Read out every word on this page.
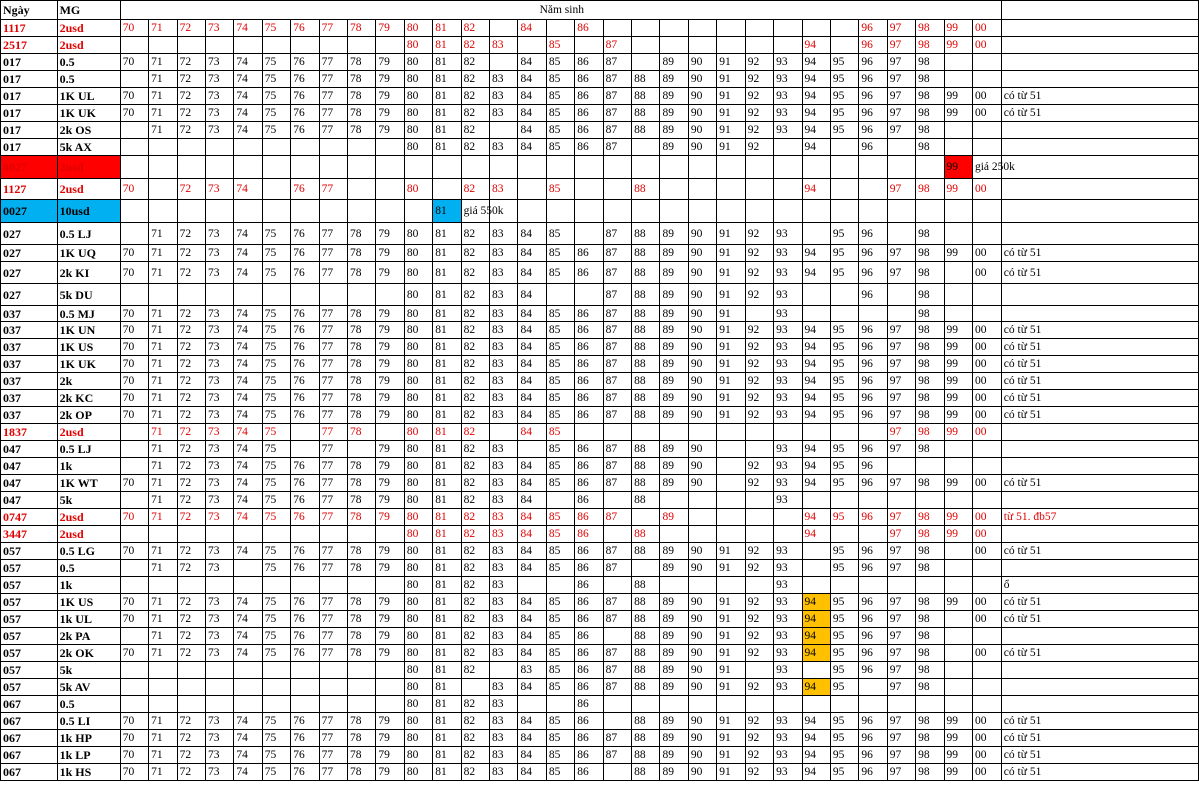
Ngày	MG	Năm sinh																															
1117	2usd	70	71	72	73	74	75	76	77	78	79	80	81	82		84		86										96	97	98	99	00	
2517	2usd											80	81	82	83		85		87							94		96	97	98	99	00	
017	0.5	70	71	72	73	74	75	76	77	78	79	80	81	82		84	85	86	87		89	90	91	92	93	94	95	96	97	98			
017	0.5		71	72	73	74	75	76	77	78	79	80	81	82	83	84	85	86	87	88	89	90	91	92	93	94	95	96	97	98			
017	1K UL	70	71	72	73	74	75	76	77	78	79	80	81	82	83	84	85	86	87	88	89	90	91	92	93	94	95	96	97	98	99	00	có từ 51
017	1K UK	70	71	72	73	74	75	76	77	78	79	80	81	82	83	84	85	86	87	88	89	90	91	92	93	94	95	96	97	98	99	00	có từ 51
017	2k OS		71	72	73	74	75	76	77	78	79	80	81	82		84	85	86	87	88	89	90	91	92	93	94	95	96	97	98			
017	5k AX											80	81	82	83	84	85	86	87		89	90	91	92		94		96		98			
0027	2usd																														99	giá 250k	
1127	2usd	70		72	73	74		76	77			80		82	83		85			88						94			97	98	99	00	
0027	10usd												81	giá 550k																			
027	0.5 LJ		71	72	73	74	75	76	77	78	79	80	81	82	83	84	85		87	88	89	90	91	92	93		95	96		98			
027	1K UQ	70	71	72	73	74	75	76	77	78	79	80	81	82	83	84	85	86	87	88	89	90	91	92	93	94	95	96	97	98	99	00	có từ 51
027	2k KI	70	71	72	73	74	75	76	77	78	79	80	81	82	83	84	85	86	87	88	89	90	91	92	93	94	95	96	97	98		00	có từ 51
027	5k DU											80	81	82	83	84			87	88	89	90	91	92	93			96		98			
037	0.5 MJ	70	71	72	73	74	75	76	77	78	79	80	81	82	83	84	85	86	87	88	89	90	91		93					98			
037	1K UN	70	71	72	73	74	75	76	77	78	79	80	81	82	83	84	85	86	87	88	89	90	91	92	93	94	95	96	97	98	99	00	có từ 51
037	1K US	70	71	72	73	74	75	76	77	78	79	80	81	82	83	84	85	86	87	88	89	90	91	92	93	94	95	96	97	98	99	00	có từ 51
037	1K UK	70	71	72	73	74	75	76	77	78	79	80	81	82	83	84	85	86	87	88	89	90	91	92	93	94	95	96	97	98	99	00	có từ 51
037	2k	70	71	72	73	74	75	76	77	78	79	80	81	82	83	84	85	86	87	88	89	90	91	92	93	94	95	96	97	98	99	00	có từ 51
037	2k KC	70	71	72	73	74	75	76	77	78	79	80	81	82	83	84	85	86	87	88	89	90	91	92	93	94	95	96	97	98	99	00	có từ 51
037	2k OP	70	71	72	73	74	75	76	77	78	79	80	81	82	83	84	85	86	87	88	89	90	91	92	93	94	95	96	97	98	99	00	có từ 51
1837	2usd		71	72	73	74	75		77	78		80	81	82		84	85												97	98	99	00	
047	0.5 LJ		71	72	73	74	75		77		79	80	81	82	83		85	86	87	88	89	90			93	94	95	96	97	98			
047	1k		71	72	73	74	75	76	77	78	79	80	81	82	83	84	85	86	87	88	89	90		92	93	94	95	96					
047	1K WT	70	71	72	73	74	75	76	77	78	79	80	81	82	83	84	85	86	87	88	89	90		92	93	94	95	96	97	98	99	00	có từ 51
047	5k		71	72	73	74	75	76	77	78	79	80	81	82	83	84		86		88					93								
0747	2usd	70	71	72	73	74	75	76	77	78	79	80	81	82	83	84	85	86	87		89					94	95	96	97	98	99	00	từ 51. đb57
3447	2usd											80	81	82	83	84	85	86		88						94			97	98	99	00	
057	0.5 LG	70	71	72	73	74	75	76	77	78	79	80	81	82	83	84	85	86	87	88	89	90	91	92	93		95	96	97	98		00	có từ 51
057	0.5		71	72	73		75	76	77	78	79	80	81	82	83	84	85	86	87		89	90	91	92	93		95	96	97	98			
057	1k											80	81	82	83			86		88					93								ổ
057	1K US	70	71	72	73	74	75	76	77	78	79	80	81	82	83	84	85	86	87	88	89	90	91	92	93	94	95	96	97	98	99	00	có từ 51
057	1k UL	70	71	72	73	74	75	76	77	78	79	80	81	82	83	84	85	86	87	88	89	90	91	92	93	94	95	96	97	98		00	có từ 51
057	2k PA		71	72	73	74	75	76	77	78	79	80	81	82	83	84	85	86		88	89	90	91	92	93	94	95	96	97	98			
057	2k OK	70	71	72	73	74	75	76	77	78	79	80	81	82	83	84	85	86	87	88	89	90	91	92	93	94	95	96	97	98		00	có từ 51
057	5k											80	81	82		83	85	86	87	88	89	90	91		93		95	96	97	98			
057	5k AV											80	81		83	84	85	86	87	88	89	90	91	92	93	94	95		97	98			
067	0.5											80	81	82	83			86															
067	0.5 LI	70	71	72	73	74	75	76	77	78	79	80	81	82	83	84	85	86		88	89	90	91	92	93	94	95	96	97	98	99	00	có từ 51
067	1k HP	70	71	72	73	74	75	76	77	78	79	80	81	82	83	84	85	86	87	88	89	90	91	92	93	94	95	96	97	98	99	00	có từ 51
067	1k LP	70	71	72	73	74	75	76	77	78	79	80	81	82	83	84	85	86	87	88	89	90	91	92	93	94	95	96	97	98	99	00	có từ 51
067	1k HS	70	71	72	73	74	75	76	77	78	79	80	81	82	83	84	85	86		88	89	90	91	92	93	94	95	96	97	98	99	00	có từ 51
